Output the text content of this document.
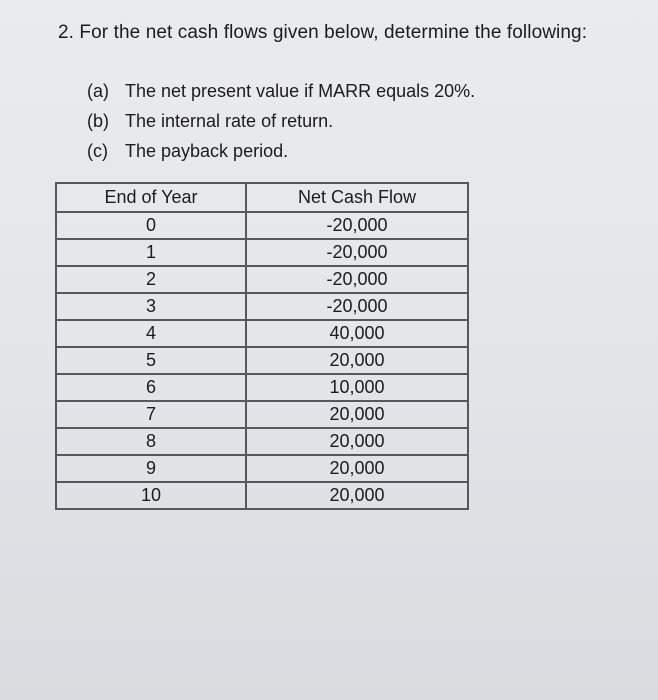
2. For the net cash flows given below, determine the following:
(a) The net present value if MARR equals 20%.
(b) The internal rate of return.
(c) The payback period.
End of Year	Net Cash Flow
0	-20,000
1	-20,000
2	-20,000
3	-20,000
4	40,000
5	20,000
6	10,000
7	20,000
8	20,000
9	20,000
10	20,000
